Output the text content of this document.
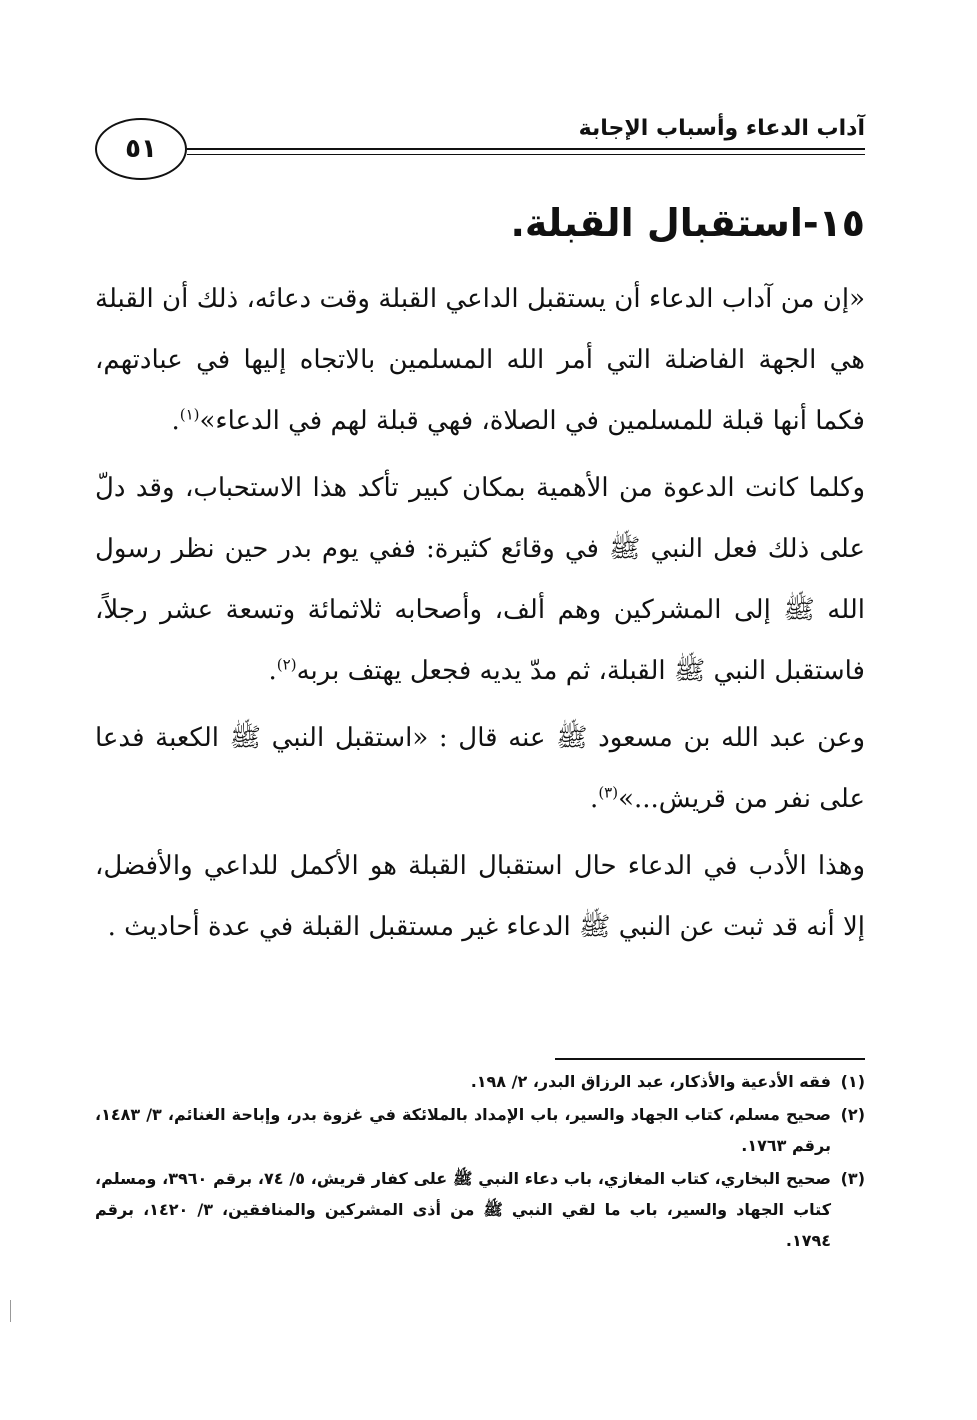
٥١
آداب الدعاء وأسباب الإجابة
١٥-استقبال القبلة.

«إن من آداب الدعاء أن يستقبل الداعي القبلة وقت دعائه، ذلك أن القبلة هي الجهة الفاضلة التي أمر الله المسلمين بالاتجاه إليها في عبادتهم، فكما أنها قبلة للمسلمين في الصلاة، فهي قبلة لهم في الدعاء»$^{(١)}$.

وكلما كانت الدعوة من الأهمية بمكان كبير تأكد هذا الاستحباب، وقد دلّ على ذلك فعل النبي ﷺ في وقائع كثيرة: ففي يوم بدر حين نظر رسول الله ﷺ إلى المشركين وهم ألف، وأصحابه ثلاثمائة وتسعة عشر رجلاً، فاستقبل النبي ﷺ القبلة، ثم مدّ يديه فجعل يهتف بربه$^{(٢)}$.

وعن عبد الله بن مسعود ﷺ عنه قال : «استقبل النبي ﷺ الكعبة فدعا على نفر من قريش...»$^{(٣)}$.

وهذا الأدب في الدعاء حال استقبال القبلة هو الأكمل للداعي والأفضل، إلا أنه قد ثبت عن النبي ﷺ الدعاء غير مستقبل القبلة في عدة أحاديث .

(١)
فقه الأدعية والأذكار، عبد الرزاق البدر، ٢/ ١٩٨.
(٢)
صحيح مسلم، كتاب الجهاد والسير، باب الإمداد بالملائكة في غزوة بدر، وإباحة الغنائم، ٣/ ١٤٨٣، برقم ١٧٦٣.
(٣)
صحيح البخاري، كتاب المغازي، باب دعاء النبي ﷺ على كفار قريش، ٥/ ٧٤، برقم ٣٩٦٠، ومسلم، كتاب الجهاد والسير، باب ما لقي النبي ﷺ من أذى المشركين والمنافقين، ٣/ ١٤٢٠، برقم ١٧٩٤.
